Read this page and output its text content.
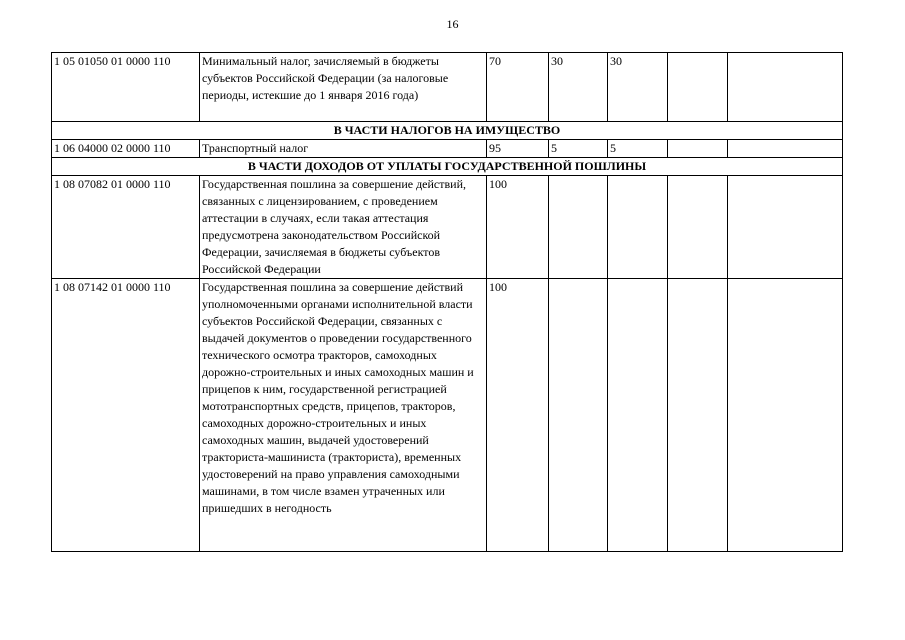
16
1 05 01050 01 0000 110	Минимальный налог, зачисляемый в бюджеты субъектов Российской Федерации (за налоговые периоды, истекшие до 1 января 2016 года)	70	30	30		
В ЧАСТИ НАЛОГОВ НА ИМУЩЕСТВО						
1 06 04000 02 0000 110	Транспортный налог	95	5	5		
В ЧАСТИ ДОХОДОВ ОТ УПЛАТЫ ГОСУДАРСТВЕННОЙ ПОШЛИНЫ						
1 08 07082 01 0000 110	Государственная пошлина за совершение действий, связанных с лицензированием, с проведением аттестации в случаях, если такая аттестация предусмотрена законодательством Российской Федерации, зачисляемая в бюджеты субъектов Российской Федерации	100				
1 08 07142 01 0000 110	Государственная пошлина за совершение действий уполномоченными органами исполнительной власти субъектов Российской Федерации, связанных с выдачей документов о проведении государственного технического осмотра тракторов, самоходных дорожно-строительных и иных самоходных машин и прицепов к ним, государственной регистрацией мототранспортных средств, прицепов, тракторов, самоходных дорожно-строительных и иных самоходных машин, выдачей удостоверений тракториста-машиниста (тракториста), временных удостоверений на право управления самоходными машинами, в том числе взамен утраченных или пришедших в негодность	100				
